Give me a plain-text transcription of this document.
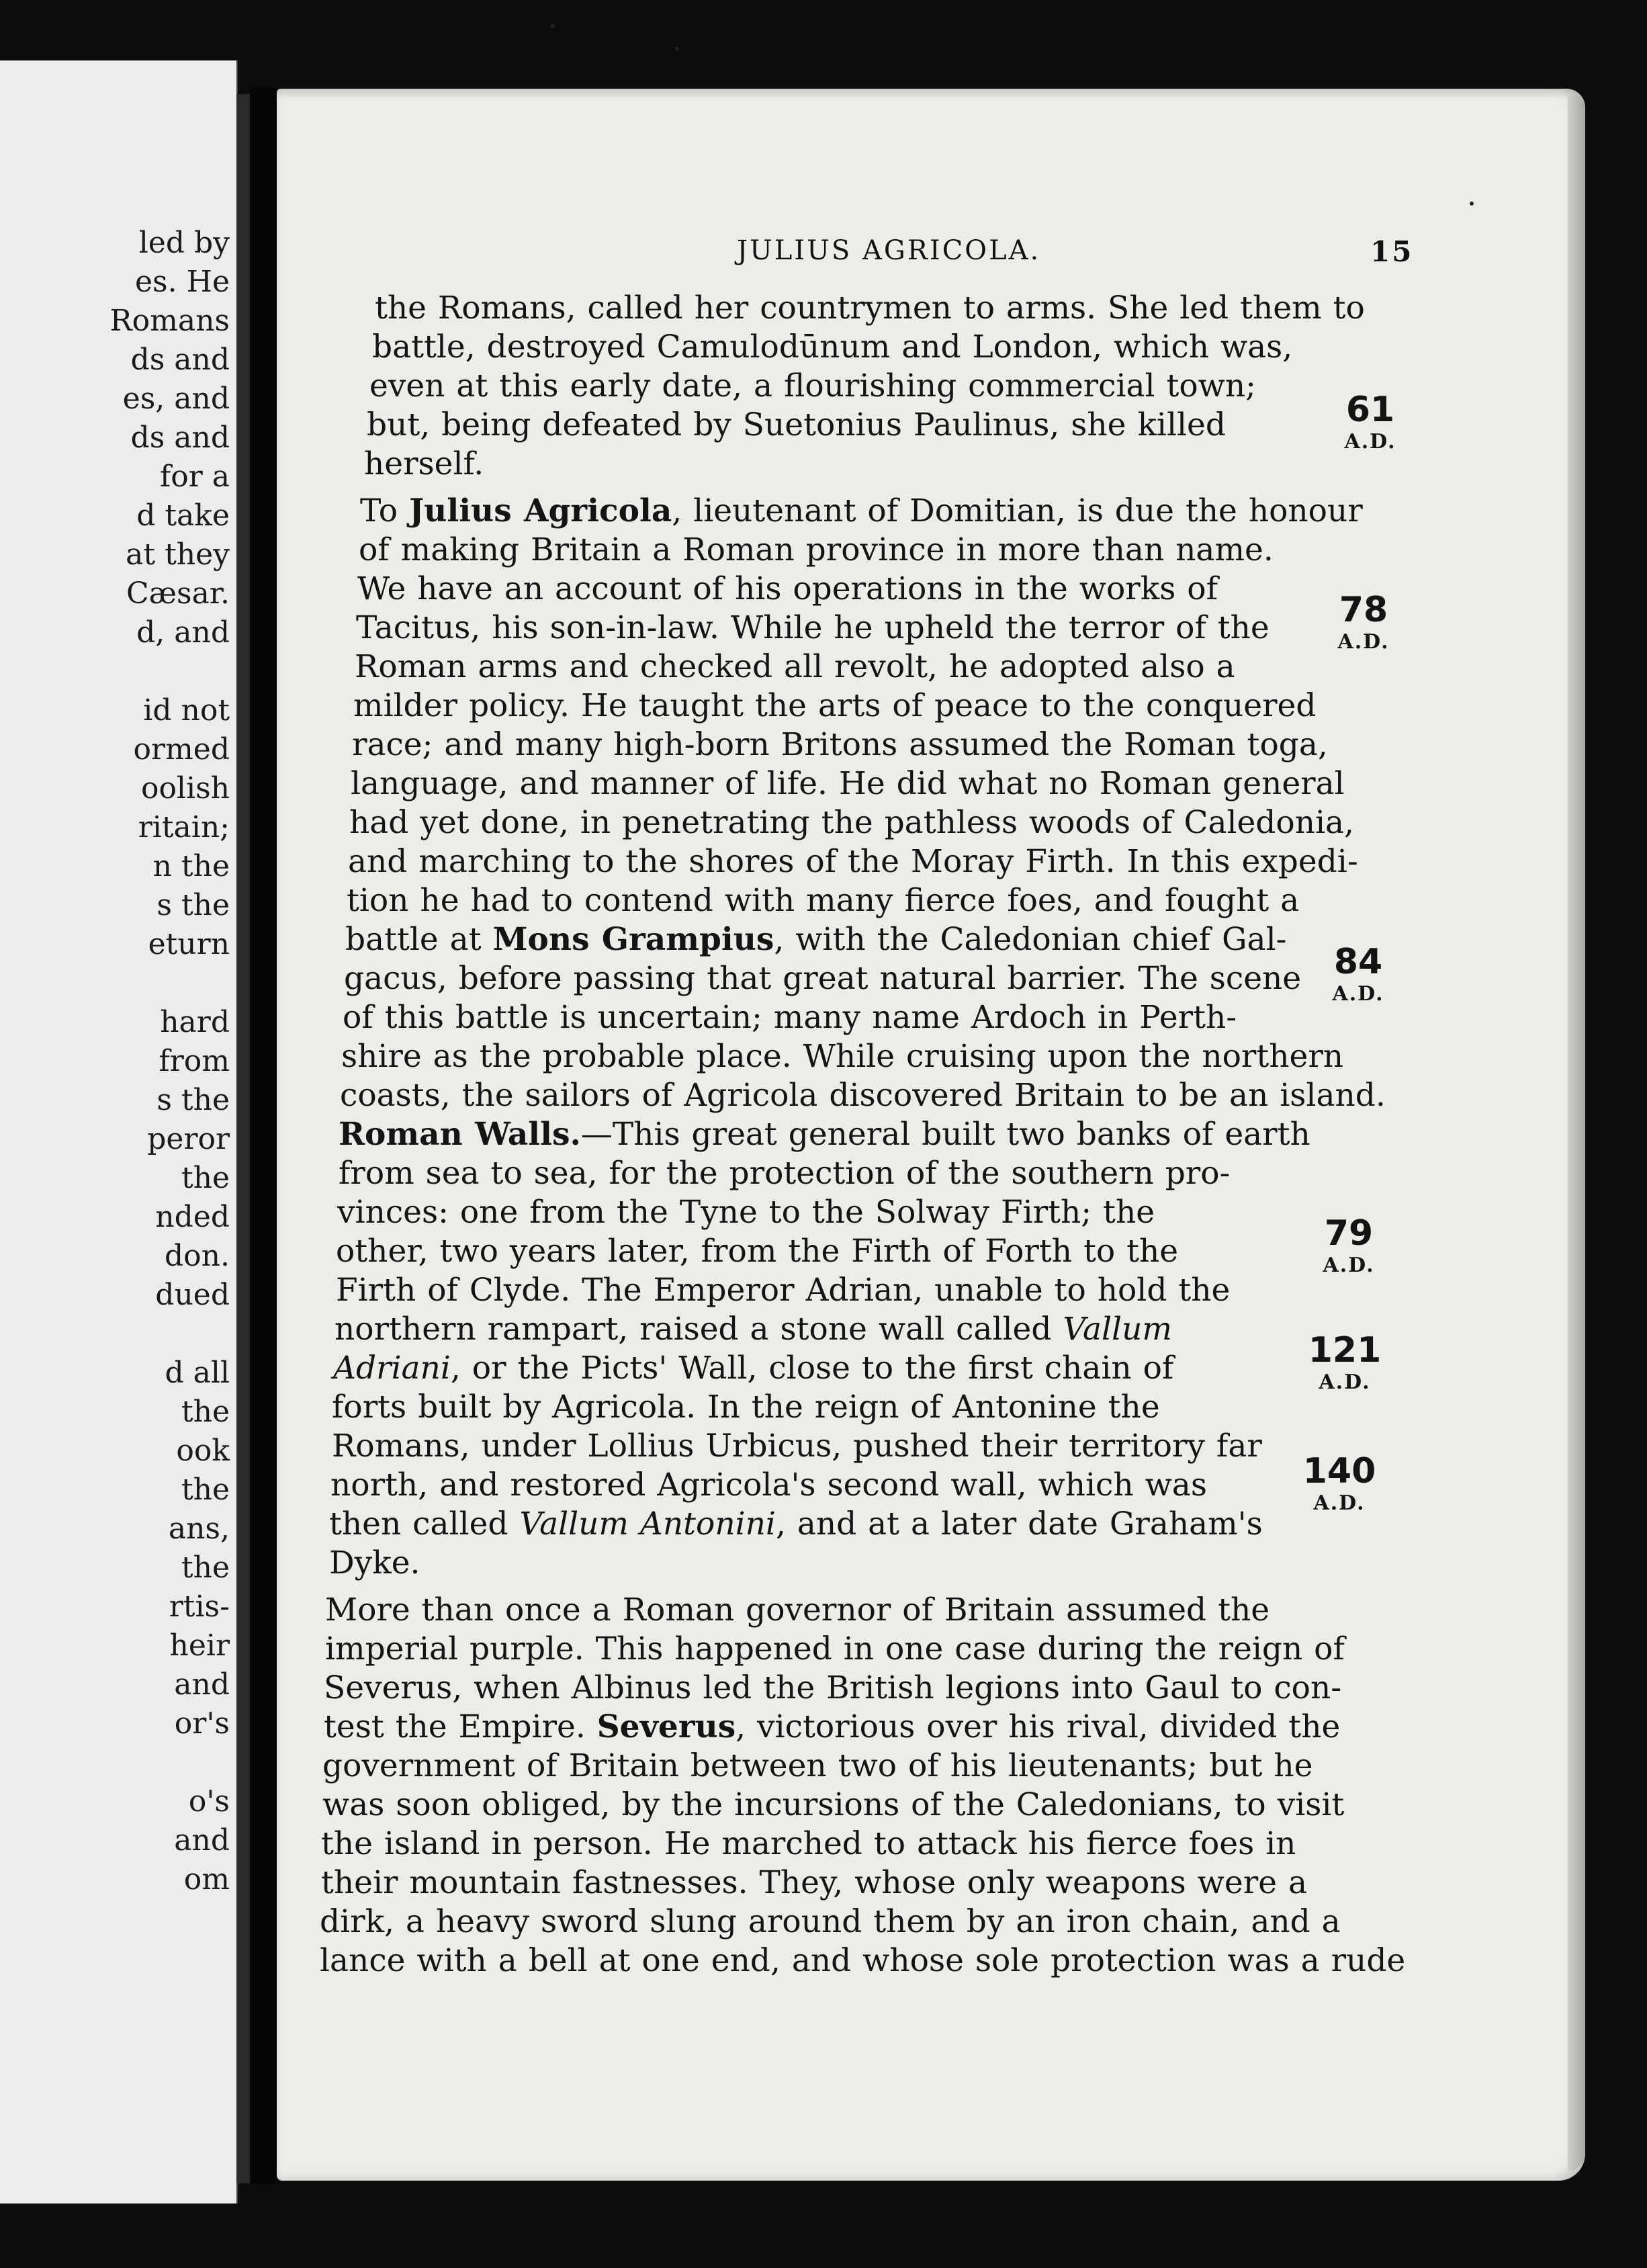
led by
es. He
Romans
ds and
es, and
ds and
for a
d take
at they
Cæsar.
d, and
id not
ormed
oolish
ritain;
n the
s the
eturn
hard
from
s the
peror
the
nded
don.
dued
d all
the
ook
the
ans,
the
rtis-
heir
and
or's
o's
and
om
JULIUS AGRICOLA.	15
the Romans, called her countrymen to arms. She led them to
battle, destroyed Camulodūnum and London, which was,
even at this early date, a flourishing commercial town;
but, being defeated by Suetonius Paulinus, she killed
herself.
To Julius Agricola, lieutenant of Domitian, is due the honour
of making Britain a Roman province in more than name.
We have an account of his operations in the works of
Tacitus, his son-in-law. While he upheld the terror of the
Roman arms and checked all revolt, he adopted also a
milder policy. He taught the arts of peace to the conquered
race; and many high-born Britons assumed the Roman toga,
language, and manner of life. He did what no Roman general
had yet done, in penetrating the pathless woods of Caledonia,
and marching to the shores of the Moray Firth. In this expedi-
tion he had to contend with many fierce foes, and fought a
battle at Mons Grampius, with the Caledonian chief Gal-
gacus, before passing that great natural barrier. The scene
of this battle is uncertain; many name Ardoch in Perth-
shire as the probable place. While cruising upon the northern
coasts, the sailors of Agricola discovered Britain to be an island.
Roman Walls.—This great general built two banks of earth
from sea to sea, for the protection of the southern pro-
vinces: one from the Tyne to the Solway Firth; the
other, two years later, from the Firth of Forth to the
Firth of Clyde. The Emperor Adrian, unable to hold the
northern rampart, raised a stone wall called Vallum
Adriani, or the Picts' Wall, close to the first chain of
forts built by Agricola. In the reign of Antonine the
Romans, under Lollius Urbicus, pushed their territory far
north, and restored Agricola's second wall, which was
then called Vallum Antonini, and at a later date Graham's
Dyke.
More than once a Roman governor of Britain assumed the
imperial purple. This happened in one case during the reign of
Severus, when Albinus led the British legions into Gaul to con-
test the Empire. Severus, victorious over his rival, divided the
government of Britain between two of his lieutenants; but he
was soon obliged, by the incursions of the Caledonians, to visit
the island in person. He marched to attack his fierce foes in
their mountain fastnesses. They, whose only weapons were a
dirk, a heavy sword slung around them by an iron chain, and a
lance with a bell at one end, and whose sole protection was a rude
61
A.D.
78
A.D.
84
A.D.
79
A.D.
121
A.D.
140
A.D.
